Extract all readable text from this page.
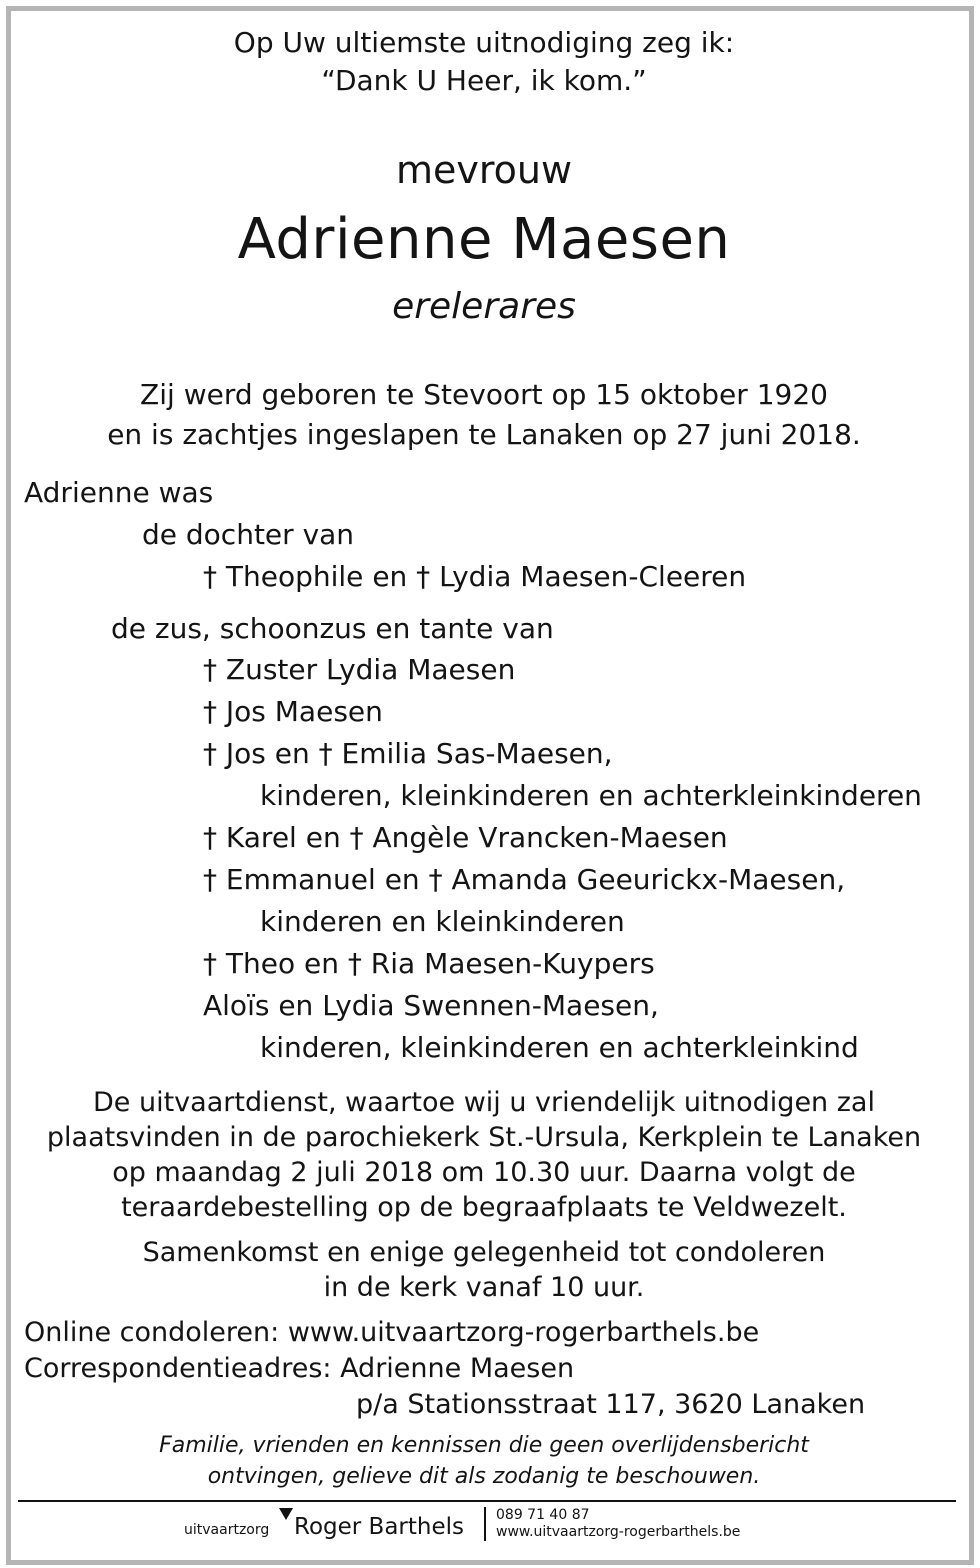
Op Uw ultiemste uitnodiging zeg ik:
“Dank U Heer, ik kom.”
mevrouw
Adrienne Maesen
erelerares
Zij werd geboren te Stevoort op 15 oktober 1920
en is zachtjes ingeslapen te Lanaken op 27 juni 2018.
Adrienne was
de dochter van
† Theophile en † Lydia Maesen-Cleeren
de zus, schoonzus en tante van
† Zuster Lydia Maesen
† Jos Maesen
† Jos en † Emilia Sas-Maesen,
kinderen, kleinkinderen en achterkleinkinderen
† Karel en † Angèle Vrancken-Maesen
† Emmanuel en † Amanda Geeurickx-Maesen,
kinderen en kleinkinderen
† Theo en † Ria Maesen-Kuypers
Aloïs en Lydia Swennen-Maesen,
kinderen, kleinkinderen en achterkleinkind
De uitvaartdienst, waartoe wij u vriendelijk uitnodigen zal
plaatsvinden in de parochiekerk St.-Ursula, Kerkplein te Lanaken
op maandag 2 juli 2018 om 10.30 uur. Daarna volgt de
teraardebestelling op de begraafplaats te Veldwezelt.
Samenkomst en enige gelegenheid tot condoleren
in de kerk vanaf 10 uur.
Online condoleren: www.uitvaartzorg-rogerbarthels.be
Correspondentieadres: Adrienne Maesen
p/a Stationsstraat 117, 3620 Lanaken
Familie, vrienden en kennissen die geen overlijdensbericht
ontvingen, gelieve dit als zodanig te beschouwen.
uitvaartzorg Roger Barthels 089 71 40 87
www.uitvaartzorg-rogerbarthels.be
